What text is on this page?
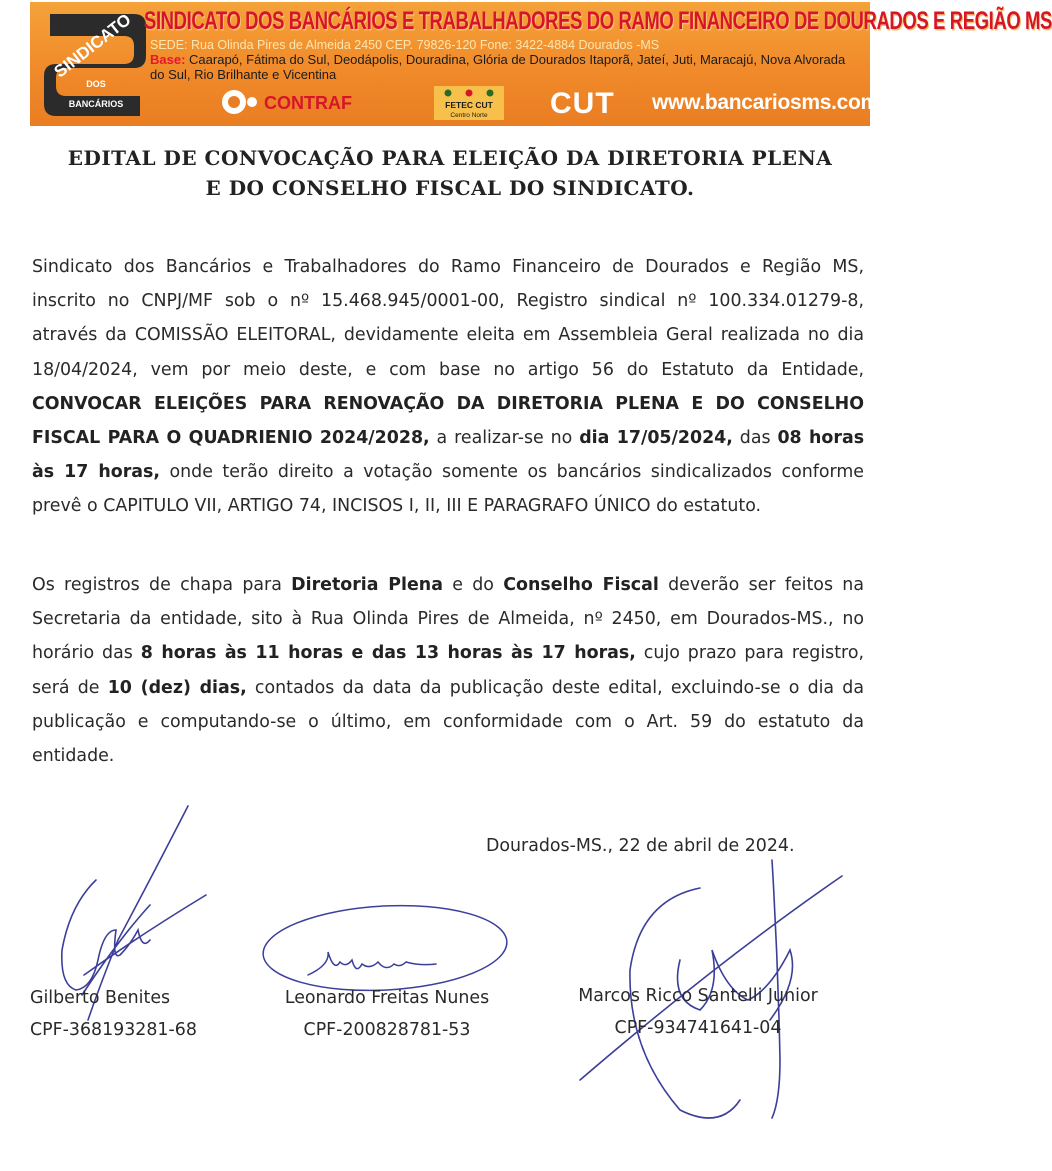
SINDICATO
DOS
BANCÁRIOS
SINDICATO DOS BANCÁRIOS E TRABALHADORES DO RAMO FINANCEIRO DE DOURADOS E REGIÃO MS
SEDE: Rua Olinda Pires de Almeida 2450 CEP. 79826-120 Fone: 3422-4884 Dourados -MS
Base: Caarapó, Fátima do Sul, Deodápolis, Douradina, Glória de Dourados Itaporã, Jateí, Juti, Maracajú, Nova Alvorada do Sul, Rio Brilhante e Vicentina
CONTRAF	FETEC CUT
Centro Norte CUT www.bancariosms.com.br
EDITAL DE CONVOCAÇÃO PARA ELEIÇÃO DA DIRETORIA PLENA
E DO CONSELHO FISCAL DO SINDICATO.
Sindicato dos Bancários e Trabalhadores do Ramo Financeiro de Dourados e Região MS, inscrito no CNPJ/MF sob o nº 15.468.945/0001-00, Registro sindical nº 100.334.01279-8, através da COMISSÃO ELEITORAL, devidamente eleita em Assembleia Geral realizada no dia 18/04/2024, vem por meio deste, e com base no artigo 56 do Estatuto da Entidade, CONVOCAR ELEIÇÕES PARA RENOVAÇÃO DA DIRETORIA PLENA E DO CONSELHO FISCAL PARA O QUADRIENIO 2024/2028, a realizar-se no dia 17/05/2024, das 08 horas às 17 horas, onde terão direito a votação somente os bancários sindicalizados conforme prevê o CAPITULO VII, ARTIGO 74, INCISOS I, II, III E PARAGRAFO ÚNICO do estatuto.
Os registros de chapa para Diretoria Plena e do Conselho Fiscal deverão ser feitos na Secretaria da entidade, sito à Rua Olinda Pires de Almeida, nº 2450, em Dourados-MS., no horário das 8 horas às 11 horas e das 13 horas às 17 horas, cujo prazo para registro, será de 10 (dez) dias, contados da data da publicação deste edital, excluindo-se o dia da publicação e computando-se o último, em conformidade com o Art. 59 do estatuto da entidade.
Dourados-MS., 22 de abril de 2024.
Gilberto Benites
CPF-368193281-68
Leonardo Freitas Nunes
CPF-200828781-53
Marcos Ricco Santelli Junior
CPF-934741641-04
